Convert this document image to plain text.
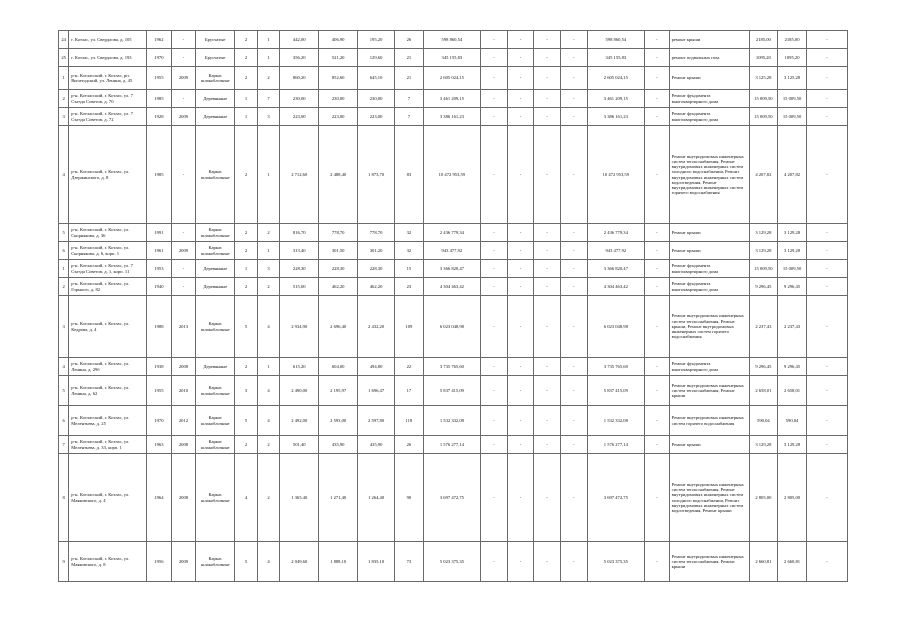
24	г. Котлас, ул. Свердлова, д. 105	1962	-	Брусчатые	2	1	442,00	406,90	195,20	26	598 860,54	-	-	-	-	598 860,54	-	ремонт крыши	2185,00	2185,00	-
25	г. Котлас, ул. Свердлова, д. 193	1970	-	Брусчатые	2	1	356,20	521,20	129,60	21	345 155,83	-	-	-	-	345 155,83	-	ремонт подвальных пом.	1095,20	1095,20	-
1	р-н. Котласский, г. Котлас, рп. Вычегодский, ул. Ленина, д. 45	1955	2009	Каркас шлакоблочные	2	2	860,20	852,60	645,10	21	2 605 024,15	-	-	-	-	2 605 024,15	-	Ремонт крыши	3 125,28	3 125,28	-
2	р-н. Котласский, г. Котлас, ул. 7 Съезда Советов, д. 70	1985	-	Деревянные	1	7	230,00	230,00	230,00	7	3 461 209,15	-	-	-	-	3 461 209,15	-	Ремонт фундамента многоквартирного дома	15 009,50	15 009,50	-
3	р-н. Котласский, г. Котлас, ул. 7 Съезда Советов, д. 72	1928	2009	Деревянные	1	3	223,00	223,00	223,00	7	3 386 161,23	-	-	-	-	3 386 161,23	-	Ремонт фундамента многоквартирного дома	15 009,50	15 009,50	-
4	р-н. Котласский, г. Котлас, ул. Дзержинского, д. 8	1985	-	Каркас шлакоблочные	2	1	2 712,60	2 488,40	1 873,70	83	10 472 953,59	-	-	-	-	10 472 953,59	-	Ремонт внутридомовых инженерных систем теплоснабжения, Ремонт внутридомовых инженерных систем холодного водоснабжения, Ремонт внутридомовых инженерных систем водоотведения, Ремонт внутридомовых инженерных систем горячего водоснабжения	4 207,82	4 207,82	-
5	р-н. Котласский, г. Котлас, ул. Скорнякова, д. 36	1991	-	Каркас шлакоблочные	2	2	816,70	778,70	778,70	32	2 436 779,34	-	-	-	-	2 436 779,34	-	Ремонт крыши	3 129,28	3 129,28	-
6	р-н. Котласский, г. Котлас, ул. Скорнякова, д. 6, корп. 1	1961	2009	Каркас шлакоблочные	2	1	313,40	301,50	301,20	32	943 477,92	-	-	-	-	943 477,92	-	Ремонт крыши	3 129,28	3 129,28	-
1	р-н. Котласский, г. Котлас, ул. 7 Съезда Советов, д. 1, корп. 11	1953	-	Деревянные	1	3	228,30	228,30	228,30	15	3 366 820,47	-	-	-	-	3 366 820,47	-	Ремонт фундамента многоквартирного дома	15 009,50	15 009,50	-
2	р-н. Котласский, г. Котлас, ул. Горького, д. 82	1940	-	Деревянные	2	2	515,00	462,20	462,20	23	4 304 463,42	-	-	-	-	4 304 463,42	-	Ремонт фундамента многоквартирного дома	9 296,45	9 296,45	-
3	р-н. Котласский, г. Котлас, ул. Кедрова, д. 4	1988	2013	Каркас шлакоблочные	5	4	2 934,90	2 696,40	2 432,20	109	6 023 048,98	-	-	-	-	6 023 048,98	-	Ремонт внутридомовых инженерных систем теплоснабжения, Ремонт крыши, Ремонт внутридомовых инженерных систем горячего водоснабжения	2 237,43	2 237,43	-
4	р-н. Котласский, г. Котлас, ул. Ленина, д. 29б	1938	2008	Деревянные	2	1	615,20	604,00	494,80	22	3 735 765,60	-	-	-	-	3 735 765,60	-	Ремонт фундамента многоквартирного дома	9 296,45	9 296,45	-
5	р-н. Котласский, г. Котлас, ул. Ленина, д. 62	1955	2010	Каркас шлакоблочные	3	4	2 490,00	2 195,97	1 696,47	17	5 837 415,09	-	-	-	-	5 837 415,09	-	Ремонт внутридомовых инженерных систем теплоснабжения, Ремонт крыши	2 658,01	2 658,01	-
6	р-н. Котласский, г. Котлас, ул. Мелентьева, д. 25	1970	2012	Каркас шлакоблочные	5	4	2 492,00	2 593,00	2 597,80	118	1 532 332,08	-	-	-	-	1 532 332,08	-	Ремонт внутридомовых инженерных систем горячего водоснабжения	590,04	590,04	-
7	р-н. Котласский, г. Котлас, ул. Мелентьева, д. 33, корп. 1	1963	2008	Каркас шлакоблочные	2	2	501,40	435,90	435,90	26	1 576 277,14	-	-	-	-	1 576 277,14	-	Ремонт крыши	3 129,28	3 129,28	-
8	р-н. Котласский, г. Котлас, ул. Маяковского, д. 4	1964	2008	Каркас шлакоблочные	4	2	1 365,40	1 271,40	1 264,40	90	3 697 472,75	-	-	-	-	3 697 472,75	-	Ремонт внутридомовых инженерных систем теплоснабжения, Ремонт внутридомовых инженерных систем холодного водоснабжения, Ремонт внутридомовых инженерных систем водоотведения, Ремонт крыши	2 805,00	2 805,00	-
9	р-н. Котласский, г. Котлас, ул. Маяковского, д. 8	1956	2009	Каркас шлакоблочные	5	4	2 049,60	1 888,10	1 835,10	73	5 023 375,35	-	-	-	-	5 023 375,35	-	Ремонт внутридомовых инженерных систем теплоснабжения, Ремонт крыши	2 660,81	2 660,81	-
